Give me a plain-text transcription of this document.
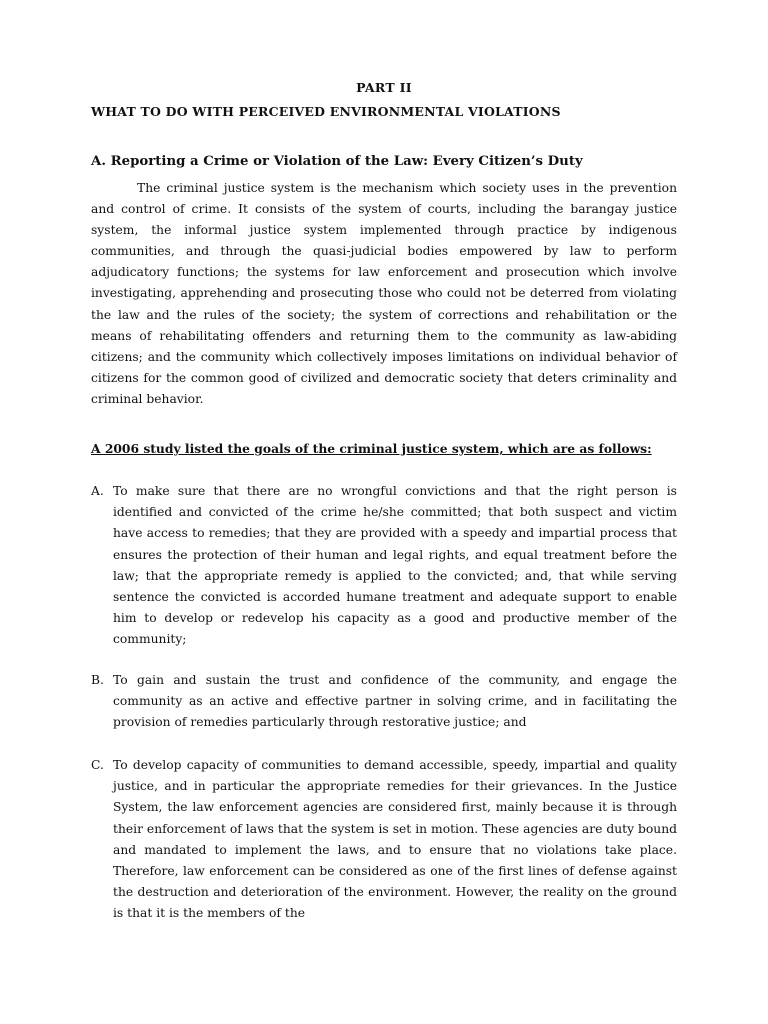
PART II
WHAT TO DO WITH PERCEIVED ENVIRONMENTAL VIOLATIONS
A. Reporting a Crime or Violation of the Law: Every Citizen’s Duty

The criminal justice system is the mechanism which society uses in the prevention and control of crime. It consists of the system of courts, including the barangay justice system, the informal justice system implemented through practice by indigenous communities, and through the quasi-judicial bodies empowered by law to perform adjudicatory functions; the systems for law enforcement and prosecution which involve investigating, apprehending and prosecuting those who could not be deterred from violating the law and the rules of the society; the system of corrections and rehabilitation or the means of rehabilitating offenders and returning them to the community as law-abiding citizens; and the community which collectively imposes limitations on individual behavior of citizens for the common good of civilized and democratic society that deters criminality and criminal behavior.

A 2006 study listed the goals of the criminal justice system, which are as follows:

A. To make sure that there are no wrongful convictions and that the right person is identified and convicted of the crime he/she committed; that both suspect and victim have access to remedies; that they are provided with a speedy and impartial process that ensures the protection of their human and legal rights, and equal treatment before the law; that the appropriate remedy is applied to the convicted; and, that while serving sentence the convicted is accorded humane treatment and adequate support to enable him to develop or redevelop his capacity as a good and productive member of the community;
B. To gain and sustain the trust and confidence of the community, and engage the community as an active and effective partner in solving crime, and in facilitating the provision of remedies particularly through restorative justice; and
C. To develop capacity of communities to demand accessible, speedy, impartial and quality justice, and in particular the appropriate remedies for their grievances. In the Justice System, the law enforcement agencies are considered first, mainly because it is through their enforcement of laws that the system is set in motion. These agencies are duty bound and mandated to implement the laws, and to ensure that no violations take place. Therefore, law enforcement can be considered as one of the first lines of defense against the destruction and deterioration of the environment. However, the reality on the ground is that it is the members of the
